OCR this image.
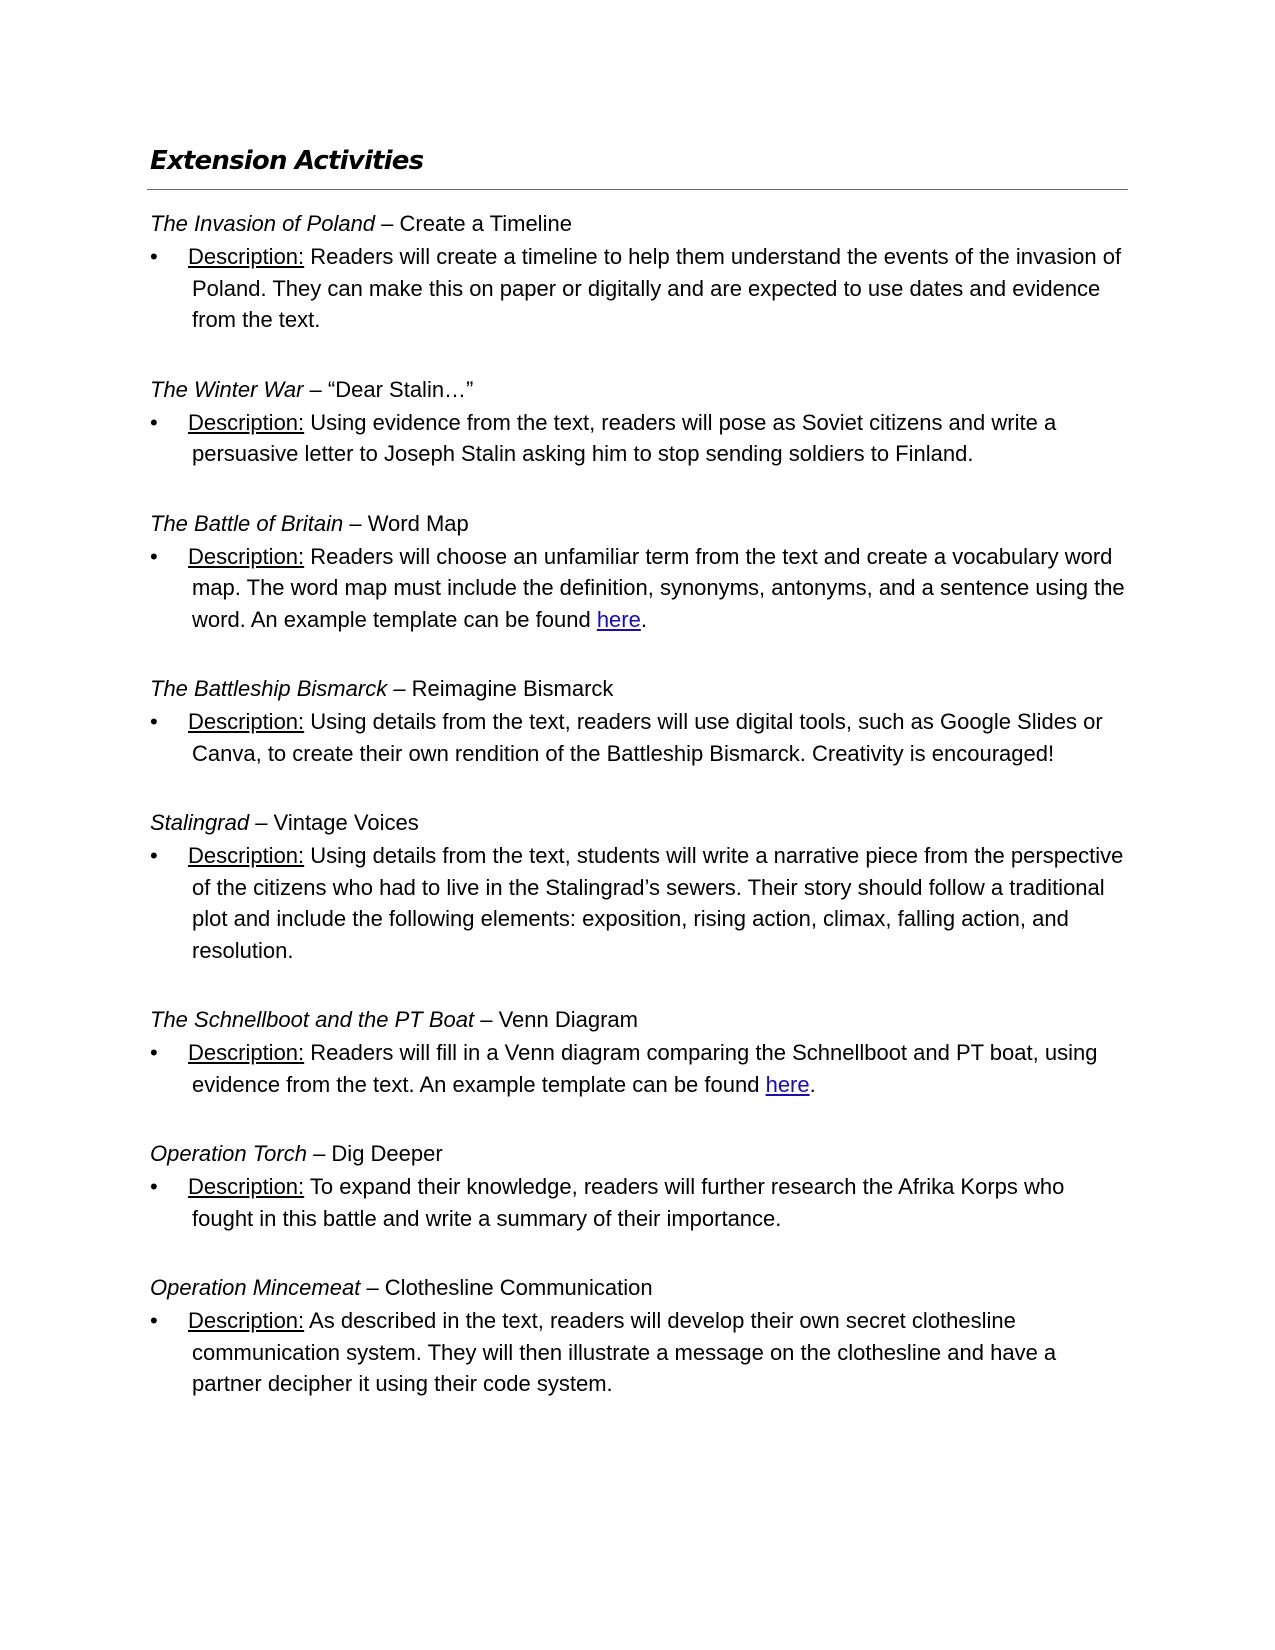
Extension Activities

The Invasion of Poland – Create a Timeline

• Description: Readers will create a timeline to help them understand the events of the invasion of Poland. They can make this on paper or digitally and are expected to use dates and evidence from the text.

The Winter War – “Dear Stalin…”

• Description: Using evidence from the text, readers will pose as Soviet citizens and write a persuasive letter to Joseph Stalin asking him to stop sending soldiers to Finland.

The Battle of Britain – Word Map

• Description: Readers will choose an unfamiliar term from the text and create a vocabulary word map. The word map must include the definition, synonyms, antonyms, and a sentence using the word. An example template can be found here.

The Battleship Bismarck – Reimagine Bismarck

• Description: Using details from the text, readers will use digital tools, such as Google Slides or Canva, to create their own rendition of the Battleship Bismarck. Creativity is encouraged!

Stalingrad – Vintage Voices

• Description: Using details from the text, students will write a narrative piece from the perspective of the citizens who had to live in the Stalingrad’s sewers. Their story should follow a traditional plot and include the following elements: exposition, rising action, climax, falling action, and resolution.

The Schnellboot and the PT Boat – Venn Diagram

• Description: Readers will fill in a Venn diagram comparing the Schnellboot and PT boat, using evidence from the text. An example template can be found here.

Operation Torch – Dig Deeper

• Description: To expand their knowledge, readers will further research the Afrika Korps who fought in this battle and write a summary of their importance.

Operation Mincemeat – Clothesline Communication

• Description: As described in the text, readers will develop their own secret clothesline communication system. They will then illustrate a message on the clothesline and have a partner decipher it using their code system.
